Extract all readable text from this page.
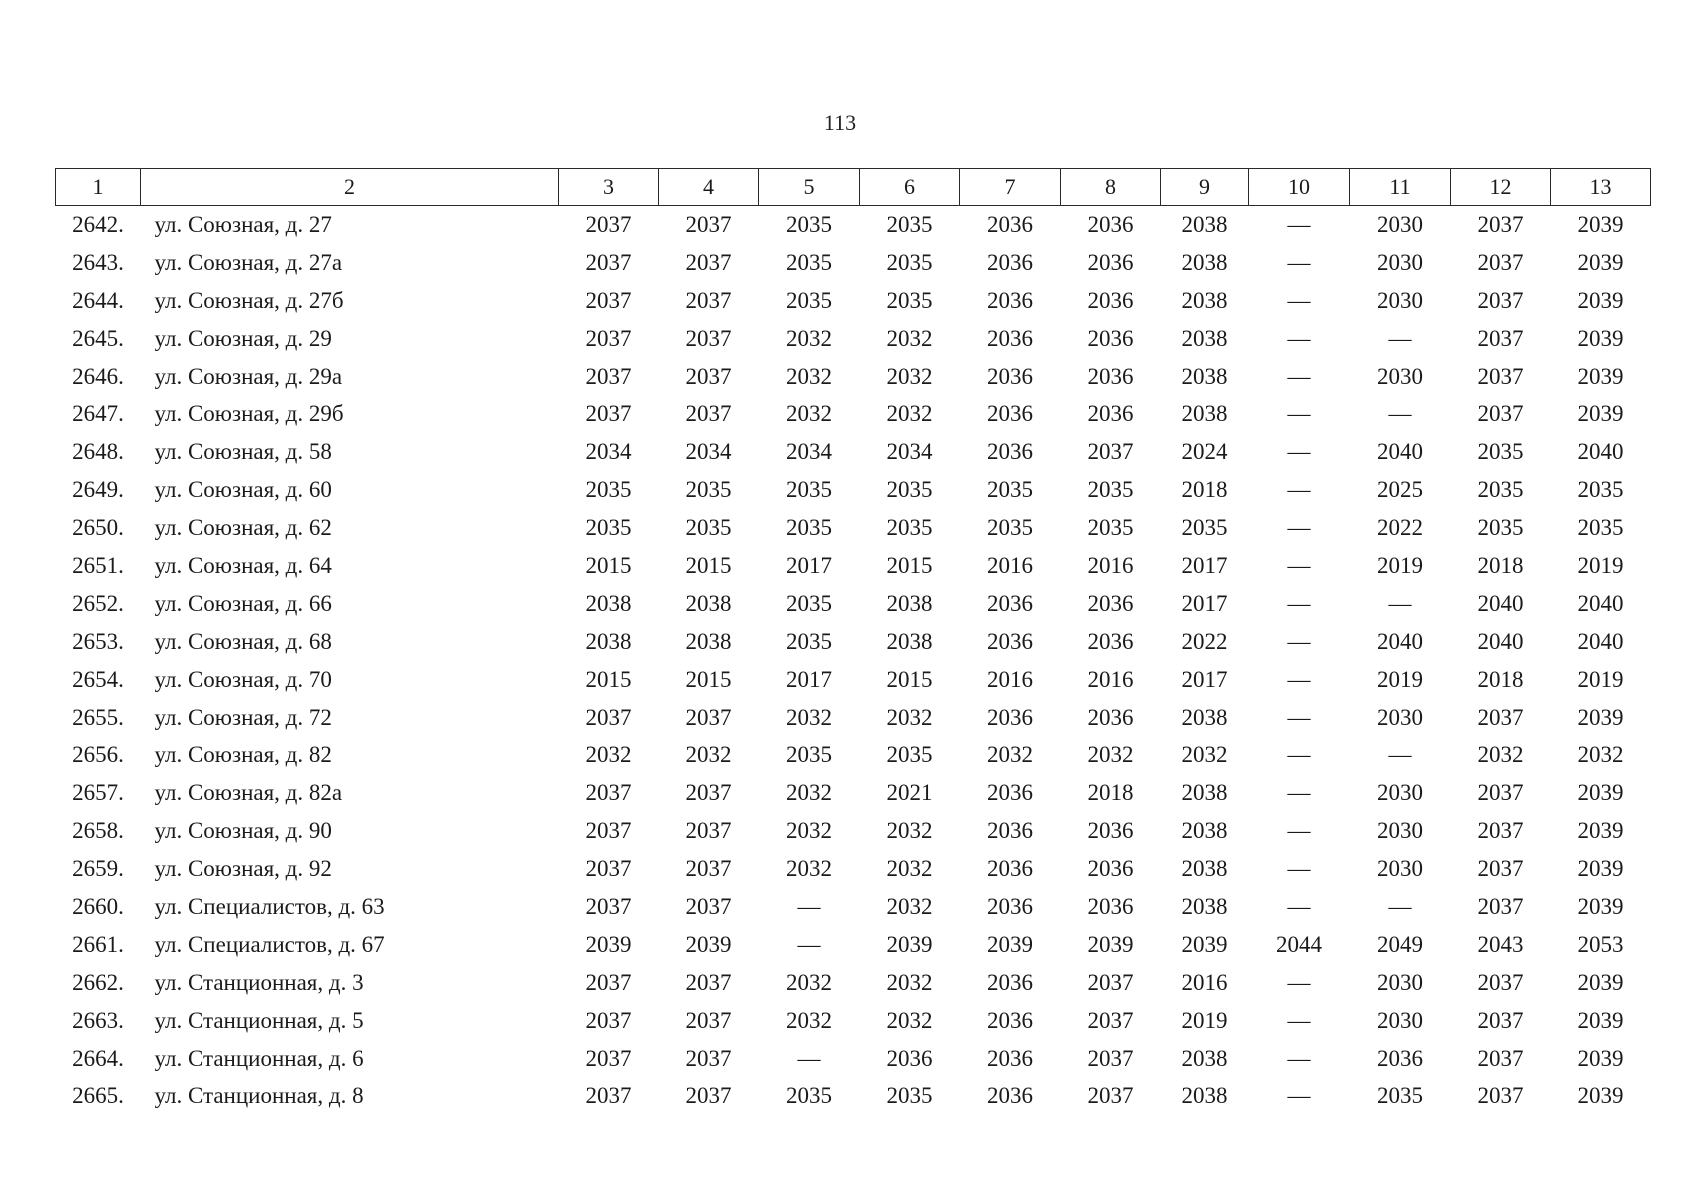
113
1	2	3	4	5	6	7	8	9	10	11	12	13
2642.	ул. Союзная, д. 27	2037	2037	2035	2035	2036	2036	2038	—	2030	2037	2039
2643.	ул. Союзная, д. 27а	2037	2037	2035	2035	2036	2036	2038	—	2030	2037	2039
2644.	ул. Союзная, д. 27б	2037	2037	2035	2035	2036	2036	2038	—	2030	2037	2039
2645.	ул. Союзная, д. 29	2037	2037	2032	2032	2036	2036	2038	—	—	2037	2039
2646.	ул. Союзная, д. 29а	2037	2037	2032	2032	2036	2036	2038	—	2030	2037	2039
2647.	ул. Союзная, д. 29б	2037	2037	2032	2032	2036	2036	2038	—	—	2037	2039
2648.	ул. Союзная, д. 58	2034	2034	2034	2034	2036	2037	2024	—	2040	2035	2040
2649.	ул. Союзная, д. 60	2035	2035	2035	2035	2035	2035	2018	—	2025	2035	2035
2650.	ул. Союзная, д. 62	2035	2035	2035	2035	2035	2035	2035	—	2022	2035	2035
2651.	ул. Союзная, д. 64	2015	2015	2017	2015	2016	2016	2017	—	2019	2018	2019
2652.	ул. Союзная, д. 66	2038	2038	2035	2038	2036	2036	2017	—	—	2040	2040
2653.	ул. Союзная, д. 68	2038	2038	2035	2038	2036	2036	2022	—	2040	2040	2040
2654.	ул. Союзная, д. 70	2015	2015	2017	2015	2016	2016	2017	—	2019	2018	2019
2655.	ул. Союзная, д. 72	2037	2037	2032	2032	2036	2036	2038	—	2030	2037	2039
2656.	ул. Союзная, д. 82	2032	2032	2035	2035	2032	2032	2032	—	—	2032	2032
2657.	ул. Союзная, д. 82а	2037	2037	2032	2021	2036	2018	2038	—	2030	2037	2039
2658.	ул. Союзная, д. 90	2037	2037	2032	2032	2036	2036	2038	—	2030	2037	2039
2659.	ул. Союзная, д. 92	2037	2037	2032	2032	2036	2036	2038	—	2030	2037	2039
2660.	ул. Специалистов, д. 63	2037	2037	—	2032	2036	2036	2038	—	—	2037	2039
2661.	ул. Специалистов, д. 67	2039	2039	—	2039	2039	2039	2039	2044	2049	2043	2053
2662.	ул. Станционная, д. 3	2037	2037	2032	2032	2036	2037	2016	—	2030	2037	2039
2663.	ул. Станционная, д. 5	2037	2037	2032	2032	2036	2037	2019	—	2030	2037	2039
2664.	ул. Станционная, д. 6	2037	2037	—	2036	2036	2037	2038	—	2036	2037	2039
2665.	ул. Станционная, д. 8	2037	2037	2035	2035	2036	2037	2038	—	2035	2037	2039
